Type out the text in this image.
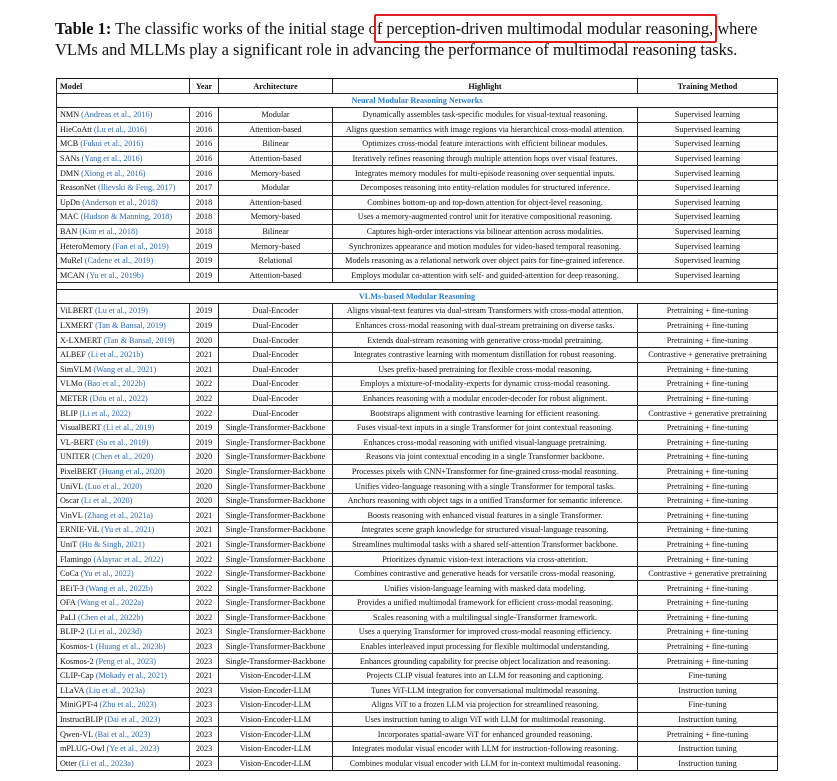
Table 1: The classific works of the initial stage of perception-driven multimodal modular reasoning,
where VLMs and MLLMs play a significant role in advancing the performance of multimodal reasoning tasks.
Model	Year	Architecture	Highlight	Training Method
Neural Modular Reasoning Networks				
NMN (Andreas et al., 2016)	2016	Modular	Dynamically assembles task-specific modules for visual-textual reasoning.	Supervised learning
HieCoAtt (Lu et al., 2016)	2016	Attention-based	Aligns question semantics with image regions via hierarchical cross-modal attention.	Supervised learning
MCB (Fukui et al., 2016)	2016	Bilinear	Optimizes cross-modal feature interactions with efficient bilinear modules.	Supervised learning
SANs (Yang et al., 2016)	2016	Attention-based	Iteratively refines reasoning through multiple attention hops over visual features.	Supervised learning
DMN (Xiong et al., 2016)	2016	Memory-based	Integrates memory modules for multi-episode reasoning over sequential inputs.	Supervised learning
ReasonNet (Ilievski & Feng, 2017)	2017	Modular	Decomposes reasoning into entity-relation modules for structured inference.	Supervised learning
UpDn (Anderson et al., 2018)	2018	Attention-based	Combines bottom-up and top-down attention for object-level reasoning.	Supervised learning
MAC (Hudson & Manning, 2018)	2018	Memory-based	Uses a memory-augmented control unit for iterative compositional reasoning.	Supervised learning
BAN (Kim et al., 2018)	2018	Bilinear	Captures high-order interactions via bilinear attention across modalities.	Supervised learning
HeteroMemory (Fan et al., 2019)	2019	Memory-based	Synchronizes appearance and motion modules for video-based temporal reasoning.	Supervised learning
MuRel (Cadene et al., 2019)	2019	Relational	Models reasoning as a relational network over object pairs for fine-grained inference.	Supervised learning
MCAN (Yu et al., 2019b)	2019	Attention-based	Employs modular co-attention with self- and guided-attention for deep reasoning.	Supervised learning

VLMs-based Modular Reasoning				
ViLBERT (Lu et al., 2019)	2019	Dual-Encoder	Aligns visual-text features via dual-stream Transformers with cross-modal attention.	Pretraining + fine-tuning
LXMERT (Tan & Bansal, 2019)	2019	Dual-Encoder	Enhances cross-modal reasoning with dual-stream pretraining on diverse tasks.	Pretraining + fine-tuning
X-LXMERT (Tan & Bansal, 2019)	2020	Dual-Encoder	Extends dual-stream reasoning with generative cross-modal pretraining.	Pretraining + fine-tuning
ALBEF (Li et al., 2021b)	2021	Dual-Encoder	Integrates contrastive learning with momentum distillation for robust reasoning.	Contrastive + generative pretraining
SimVLM (Wang et al., 2021)	2021	Dual-Encoder	Uses prefix-based pretraining for flexible cross-modal reasoning.	Pretraining + fine-tuning
VLMo (Bao et al., 2022b)	2022	Dual-Encoder	Employs a mixture-of-modality-experts for dynamic cross-modal reasoning.	Pretraining + fine-tuning
METER (Dou et al., 2022)	2022	Dual-Encoder	Enhances reasoning with a modular encoder-decoder for robust alignment.	Pretraining + fine-tuning
BLIP (Li et al., 2022)	2022	Dual-Encoder	Bootstraps alignment with contrastive learning for efficient reasoning.	Contrastive + generative pretraining
VisualBERT (Li et al., 2019)	2019	Single-Transformer-Backbone	Fuses visual-text inputs in a single Transformer for joint contextual reasoning.	Pretraining + fine-tuning
VL-BERT (Su et al., 2019)	2019	Single-Transformer-Backbone	Enhances cross-modal reasoning with unified visual-language pretraining.	Pretraining + fine-tuning
UNITER (Chen et al., 2020)	2020	Single-Transformer-Backbone	Reasons via joint contextual encoding in a single Transformer backbone.	Pretraining + fine-tuning
PixelBERT (Huang et al., 2020)	2020	Single-Transformer-Backbone	Processes pixels with CNN+Transformer for fine-grained cross-modal reasoning.	Pretraining + fine-tuning
UniVL (Luo et al., 2020)	2020	Single-Transformer-Backbone	Unifies video-language reasoning with a single Transformer for temporal tasks.	Pretraining + fine-tuning
Oscar (Li et al., 2020)	2020	Single-Transformer-Backbone	Anchors reasoning with object tags in a unified Transformer for semantic inference.	Pretraining + fine-tuning
VinVL (Zhang et al., 2021a)	2021	Single-Transformer-Backbone	Boosts reasoning with enhanced visual features in a single Transformer.	Pretraining + fine-tuning
ERNIE-ViL (Yu et al., 2021)	2021	Single-Transformer-Backbone	Integrates scene graph knowledge for structured visual-language reasoning.	Pretraining + fine-tuning
UniT (Hu & Singh, 2021)	2021	Single-Transformer-Backbone	Streamlines multimodal tasks with a shared self-attention Transformer backbone.	Pretraining + fine-tuning
Flamingo (Alayrac et al., 2022)	2022	Single-Transformer-Backbone	Prioritizes dynamic vision-text interactions via cross-attention.	Pretraining + fine-tuning
CoCa (Yu et al., 2022)	2022	Single-Transformer-Backbone	Combines contrastive and generative heads for versatile cross-modal reasoning.	Contrastive + generative pretraining
BEiT-3 (Wang et al., 2022b)	2022	Single-Transformer-Backbone	Unifies vision-language learning with masked data modeling.	Pretraining + fine-tuning
OFA (Wang et al., 2022a)	2022	Single-Transformer-Backbone	Provides a unified multimodal framework for efficient cross-modal reasoning.	Pretraining + fine-tuning
PaLI (Chen et al., 2022b)	2022	Single-Transformer-Backbone	Scales reasoning with a multilingual single-Transformer framework.	Pretraining + fine-tuning
BLIP-2 (Li et al., 2023d)	2023	Single-Transformer-Backbone	Uses a querying Transformer for improved cross-modal reasoning efficiency.	Pretraining + fine-tuning
Kosmos-1 (Huang et al., 2023b)	2023	Single-Transformer-Backbone	Enables interleaved input processing for flexible multimodal understanding.	Pretraining + fine-tuning
Kosmos-2 (Peng et al., 2023)	2023	Single-Transformer-Backbone	Enhances grounding capability for precise object localization and reasoning.	Pretraining + fine-tuning
CLIP-Cap (Mokady et al., 2021)	2021	Vision-Encoder-LLM	Projects CLIP visual features into an LLM for reasoning and captioning.	Fine-tuning
LLaVA (Liu et al., 2023a)	2023	Vision-Encoder-LLM	Tunes ViT-LLM integration for conversational multimodal reasoning.	Instruction tuning
MiniGPT-4 (Zhu et al., 2023)	2023	Vision-Encoder-LLM	Aligns ViT to a frozen LLM via projection for streamlined reasoning.	Fine-tuning
InstructBLIP (Dai et al., 2023)	2023	Vision-Encoder-LLM	Uses instruction tuning to align ViT with LLM for multimodal reasoning.	Instruction tuning
Qwen-VL (Bai et al., 2023)	2023	Vision-Encoder-LLM	Incorporates spatial-aware ViT for enhanced grounded reasoning.	Pretraining + fine-tuning
mPLUG-Owl (Ye et al., 2023)	2023	Vision-Encoder-LLM	Integrates modular visual encoder with LLM for instruction-following reasoning.	Instruction tuning
Otter (Li et al., 2023a)	2023	Vision-Encoder-LLM	Combines modular visual encoder with LLM for in-context multimodal reasoning.	Instruction tuning
